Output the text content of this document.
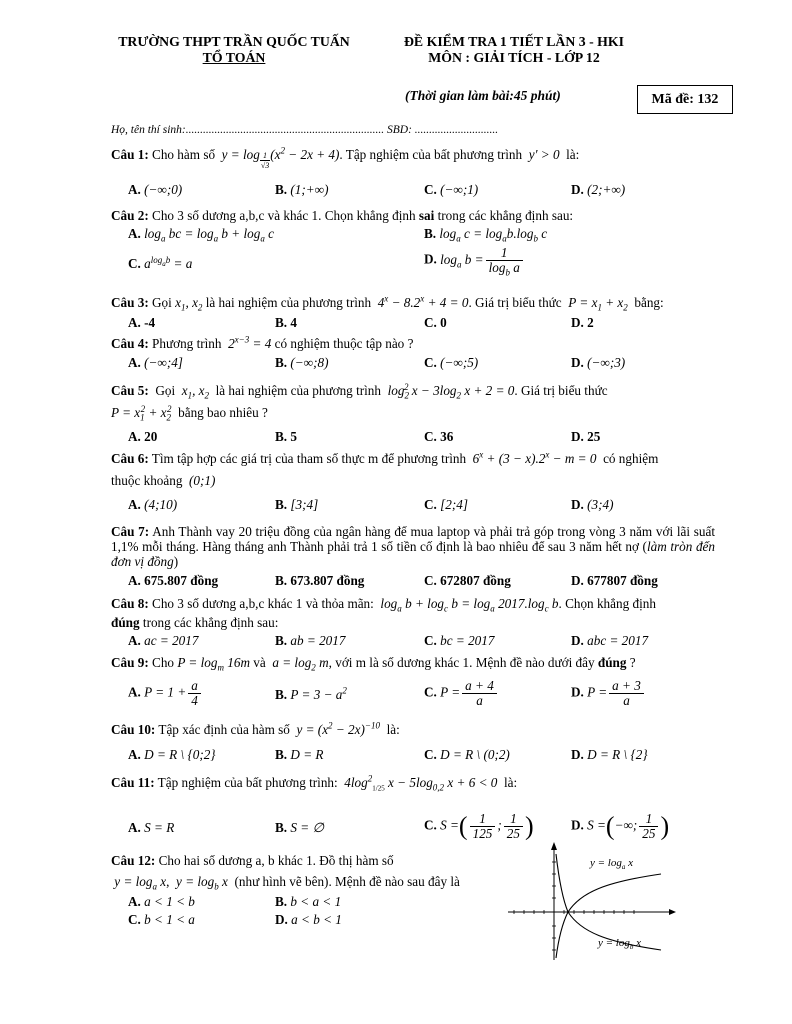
TRƯỜNG THPT TRẦN QUỐC TUẤN
TỔ TOÁN
ĐỀ KIỂM TRA 1 TIẾT LẦN 3 - HKI
MÔN : GIẢI TÍCH - LỚP 12
(Thời gian làm bài:45 phút)	Mã đề: 132
Họ, tên thí sinh:..................................................................... SBD: .............................
Câu 1: Cho hàm số  y = log $_{\frac{1}{√3}}$ $(x^2 - 2x + 4)$. Tập nghiệm của bất phương trình  y′ > 0 là:
A. (−∞;0)	B. (1;+∞)	C. (−∞;1)	D. (2;+∞)
Câu 2: Cho 3 số dương a,b,c và khác 1. Chọn khẳng định sai trong các khẳng định sau:
A. $\log_a$ bc = $\log_a b + \log_a c$	B. $\log_a c = \log_ab.\log_b$ c
C. $a^{log_ab} = a$	D. $\log_a b = \frac{1}{\log_b a}$
Câu 3: Gọi $x_1$, $x_2$ là hai nghiệm của phương trình  $4^x - 8.2^x + 4 = 0$. Giá trị biểu thức  $P = x_1 + x_2$ bằng:
A. -4	B. 4	C. 0	D. 2
Câu 4: Phương trình  $2^{x-3} = 4$ có nghiệm thuộc tập nào ?
A. (−∞;4]	B. (−∞;8)	C. (−∞;5)	D. (−∞;3)
Câu 5: Gọi $x_1$, $x_2$ là hai nghiệm của phương trình $\log_2^2 x - 3\log_2$ x + 2 = 0. Giá trị biểu thức
$P = x_1^2 + x_2^2$ bằng bao nhiêu ?
A. 20	B. 5	C. 36	D. 25
Câu 6: Tìm tập hợp các giá trị của tham số thực m để phương trình  $6^x + (3 - x).2^x - m = 0$ có nghiệm
thuộc khoảng  (0;1)
A. (4;10)	B. [3;4]	C. [2;4]	D. (3;4)
Câu 7: Anh Thành vay 20 triệu đồng của ngân hàng để mua laptop và phải trả góp trong vòng 3 năm với lãi suất 1,1% mỗi tháng. Hàng tháng anh Thành phải trả 1 số tiền cố định là bao nhiêu để sau 3 năm hết nợ (làm tròn đến đơn vị đồng)
A. 675.807 đồng	B. 673.807 đồng	C. 672807 đồng	D. 677807 đồng
Câu 8: Cho 3 số dương a,b,c khác 1 và thỏa mãn:  $\log_a b + \log_c b = \log_a 2017.\log_c$ b. Chọn khẳng định
đúng trong các khẳng định sau:
A. ac = 2017	B. ab = 2017	C. bc = 2017	D. abc = 2017
Câu 9: Cho $P = \log_m 16m$ và  $a = \log_2 m$, với m là số dương khác 1. Mệnh đề nào dưới đây đúng ?
A. $P = 1 + \frac{a}{4}$	B. $P = 3 - a^2$	C. $P = \frac{a + 4}{a}$	D. $P = \frac{a + 3}{a}$
Câu 10: Tập xác định của hàm số  $y = (x^2 - 2x)^{-10}$ là:
A. D = R \ {0;2}	B. D = R	C. D = R \ (0;2)	D. D = R \ {2}
Câu 11: Tập nghiệm của bất phương trình:  $4\log^2_{1/25}$ $x - 5\log_{0,2}$ x + 6 < 0 là:
A. S = R	B. S = ∅	C. S =( $\frac{1}{125}$ ; $\frac{1}{25}$ )	D. S =(−∞; $\frac{1}{25}$ )
Câu 12: Cho hai số dương a, b khác 1. Đồ thị hàm số
$y = \log_a x$,  $y = \log_b x$ (như hình vẽ bên). Mệnh đề nào sau đây là
A. a < 1 < b	B. b < a < 1
C. b < 1 < a	D. a < b < 1
$y = \log_a x$
$y = \log_b x$
